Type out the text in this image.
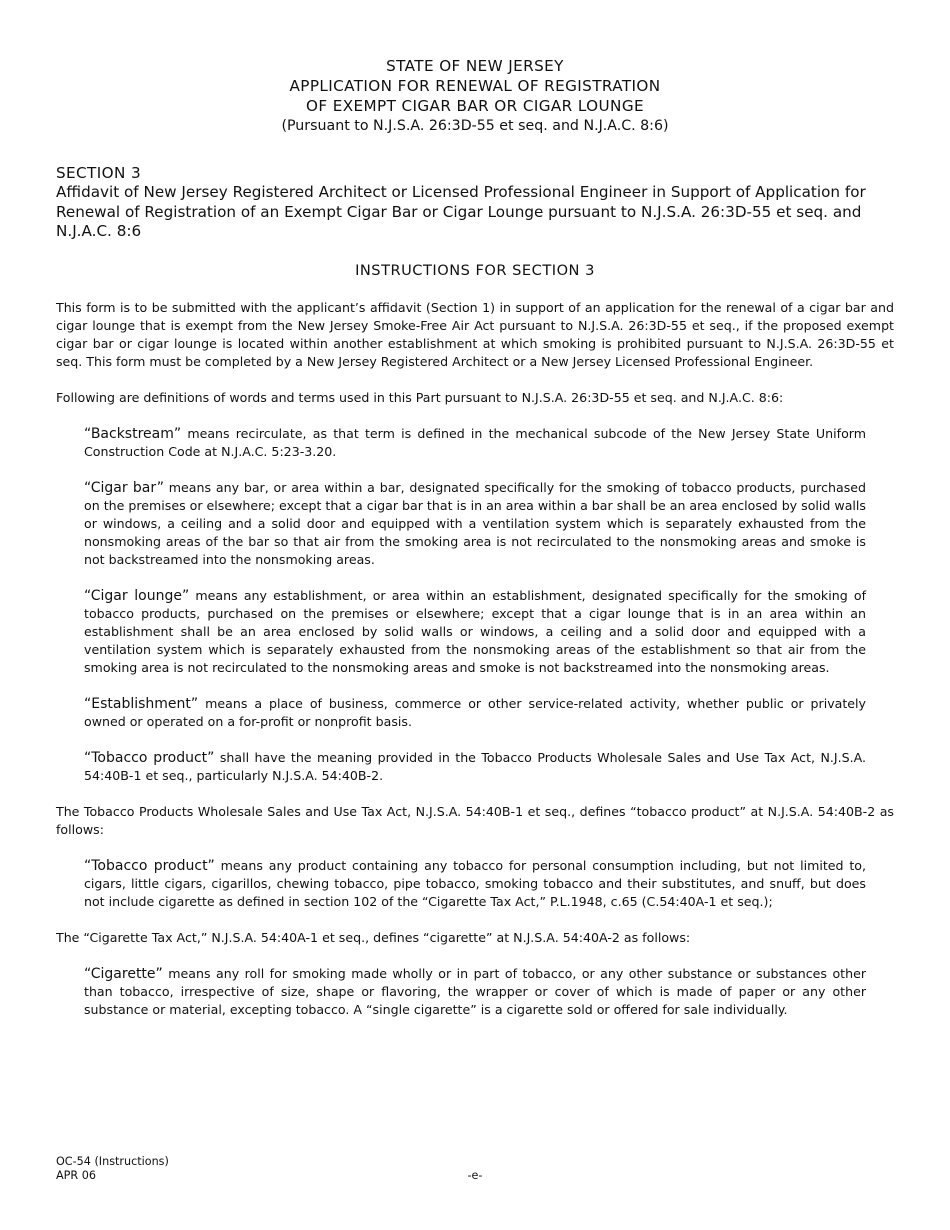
STATE OF NEW JERSEY
APPLICATION FOR RENEWAL OF REGISTRATION
OF EXEMPT CIGAR BAR OR CIGAR LOUNGE
(Pursuant to N.J.S.A. 26:3D-55 et seq. and N.J.A.C. 8:6)
SECTION 3
Affidavit of New Jersey Registered Architect or Licensed Professional Engineer in Support of Application for Renewal of Registration of an Exempt Cigar Bar or Cigar Lounge pursuant to N.J.S.A. 26:3D-55 et seq. and N.J.A.C. 8:6
INSTRUCTIONS FOR SECTION 3

This form is to be submitted with the applicant’s affidavit (Section 1) in support of an application for the renewal of a cigar bar and cigar lounge that is exempt from the New Jersey Smoke-Free Air Act pursuant to N.J.S.A. 26:3D-55 et seq., if the proposed exempt cigar bar or cigar lounge is located within another establishment at which smoking is prohibited pursuant to N.J.S.A. 26:3D-55 et seq. This form must be completed by a New Jersey Registered Architect or a New Jersey Licensed Professional Engineer.

Following are definitions of words and terms used in this Part pursuant to N.J.S.A. 26:3D-55 et seq. and N.J.A.C. 8:6:

“Backstream” means recirculate, as that term is defined in the mechanical subcode of the New Jersey State Uniform Construction Code at N.J.A.C. 5:23-3.20.

“Cigar bar” means any bar, or area within a bar, designated specifically for the smoking of tobacco products, purchased on the premises or elsewhere; except that a cigar bar that is in an area within a bar shall be an area enclosed by solid walls or windows, a ceiling and a solid door and equipped with a ventilation system which is separately exhausted from the nonsmoking areas of the bar so that air from the smoking area is not recirculated to the nonsmoking areas and smoke is not backstreamed into the nonsmoking areas.

“Cigar lounge” means any establishment, or area within an establishment, designated specifically for the smoking of tobacco products, purchased on the premises or elsewhere; except that a cigar lounge that is in an area within an establishment shall be an area enclosed by solid walls or windows, a ceiling and a solid door and equipped with a ventilation system which is separately exhausted from the nonsmoking areas of the establishment so that air from the smoking area is not recirculated to the nonsmoking areas and smoke is not backstreamed into the nonsmoking areas.

“Establishment” means a place of business, commerce or other service-related activity, whether public or privately owned or operated on a for-profit or nonprofit basis.

“Tobacco product” shall have the meaning provided in the Tobacco Products Wholesale Sales and Use Tax Act, N.J.S.A. 54:40B-1 et seq., particularly N.J.S.A. 54:40B-2.

The Tobacco Products Wholesale Sales and Use Tax Act, N.J.S.A. 54:40B-1 et seq., defines “tobacco product” at N.J.S.A. 54:40B-2 as follows:

“Tobacco product” means any product containing any tobacco for personal consumption including, but not limited to, cigars, little cigars, cigarillos, chewing tobacco, pipe tobacco, smoking tobacco and their substitutes, and snuff, but does not include cigarette as defined in section 102 of the “Cigarette Tax Act,” P.L.1948, c.65 (C.54:40A-1 et seq.);

The “Cigarette Tax Act,” N.J.S.A. 54:40A-1 et seq., defines “cigarette” at N.J.S.A. 54:40A-2 as follows:

“Cigarette” means any roll for smoking made wholly or in part of tobacco, or any other substance or substances other than tobacco, irrespective of size, shape or flavoring, the wrapper or cover of which is made of paper or any other substance or material, excepting tobacco. A “single cigarette” is a cigarette sold or offered for sale individually.

OC-54 (Instructions)
APR 06	-e-
